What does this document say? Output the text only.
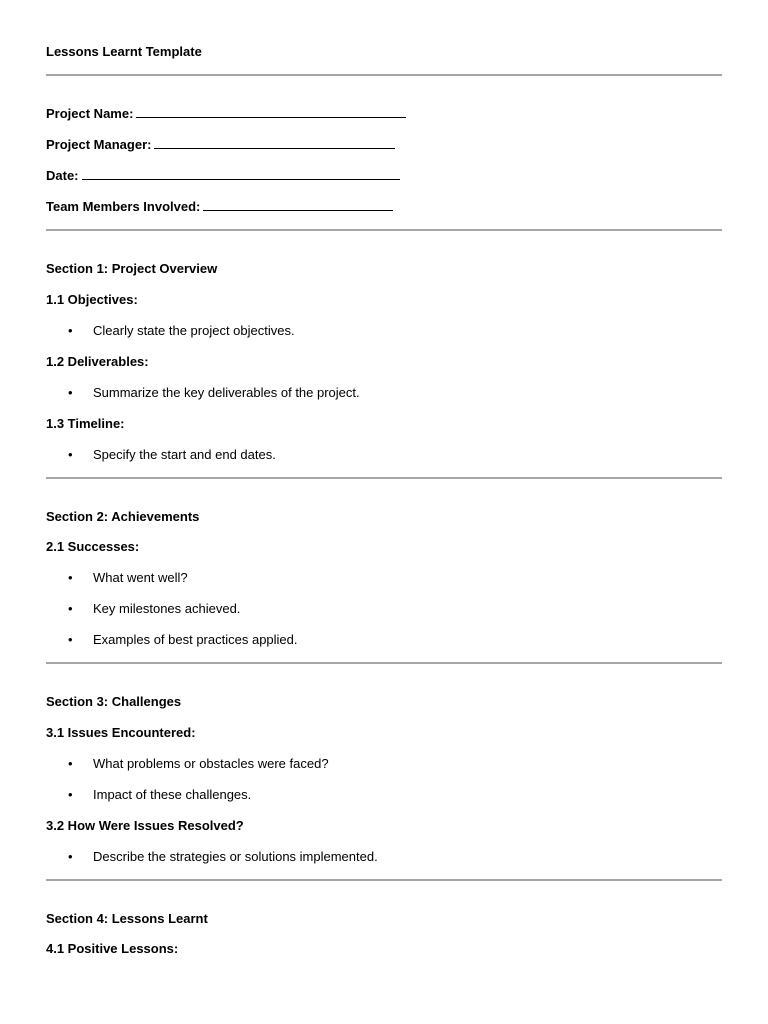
Lessons Learnt Template
Project Name:
Project Manager:
Date:
Team Members Involved:
Section 1: Project Overview
1.1 Objectives:
• Clearly state the project objectives.
1.2 Deliverables:
• Summarize the key deliverables of the project.
1.3 Timeline:
• Specify the start and end dates.
Section 2: Achievements
2.1 Successes:
• What went well?
• Key milestones achieved.
• Examples of best practices applied.
Section 3: Challenges
3.1 Issues Encountered:
• What problems or obstacles were faced?
• Impact of these challenges.
3.2 How Were Issues Resolved?
• Describe the strategies or solutions implemented.
Section 4: Lessons Learnt
4.1 Positive Lessons:
